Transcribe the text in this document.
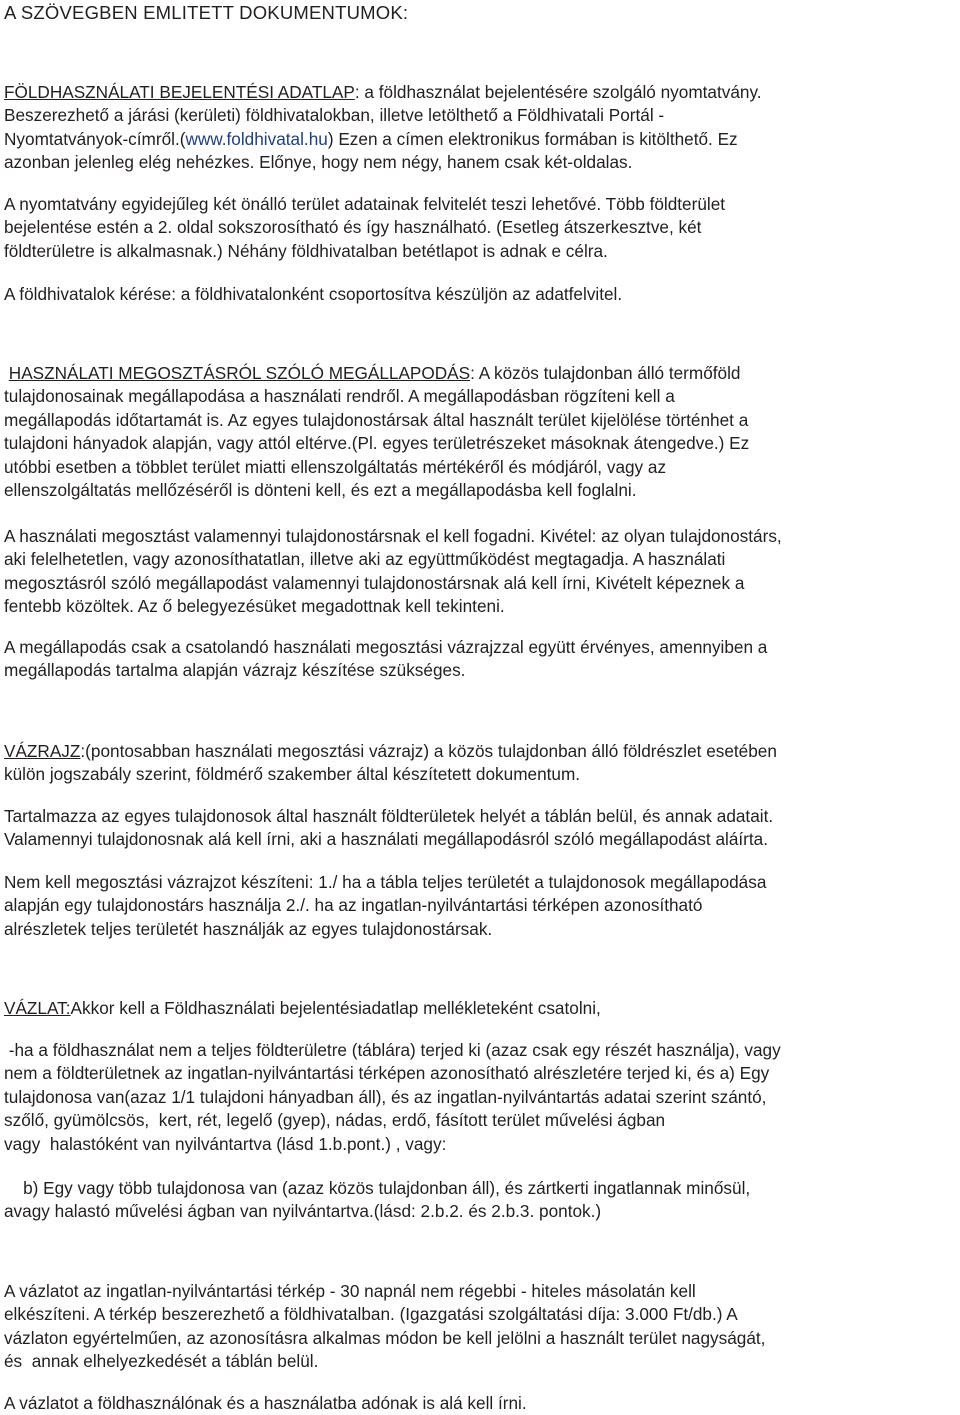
A SZÖVEGBEN EMLITETT DOKUMENTUMOK:

FÖLDHASZNÁLATI BEJELENTÉSI ADATLAP: a földhasználat bejelentésére szolgáló nyomtatvány.
Beszerezhető a járási (kerületi) földhivatalokban, illetve letölthető a Földhivatali Portál -
Nyomtatványok-címről.(www.foldhivatal.hu) Ezen a címen elektronikus formában is kitölthető. Ez
azonban jelenleg elég nehézkes. Előnye, hogy nem négy, hanem csak két-oldalas.

A nyomtatvány egyidejűleg két önálló terület adatainak felvitelét teszi lehetővé. Több földterület
bejelentése estén a 2. oldal sokszorosítható és így használható. (Esetleg átszerkesztve, két
földterületre is alkalmasnak.) Néhány földhivatalban betétlapot is adnak e célra.

A földhivatalok kérése: a földhivatalonként csoportosítva készüljön az adatfelvitel.

HASZNÁLATI MEGOSZTÁSRÓL SZÓLÓ MEGÁLLAPODÁS: A közös tulajdonban álló termőföld
tulajdonosainak megállapodása a használati rendről. A megállapodásban rögzíteni kell a
megállapodás időtartamát is. Az egyes tulajdonostársak által használt terület kijelölése történhet a
tulajdoni hányadok alapján, vagy attól eltérve.(Pl. egyes területrészeket másoknak átengedve.) Ez
utóbbi esetben a többlet terület miatti ellenszolgáltatás mértékéről és módjáról, vagy az
ellenszolgáltatás mellőzéséről is dönteni kell, és ezt a megállapodásba kell foglalni.

A használati megosztást valamennyi tulajdonostársnak el kell fogadni. Kivétel: az olyan tulajdonostárs,
aki felelhetetlen, vagy azonosíthatatlan, illetve aki az együttműködést megtagadja. A használati
megosztásról szóló megállapodást valamennyi tulajdonostársnak alá kell írni, Kivételt képeznek a
fentebb közöltek. Az ő belegyezésüket megadottnak kell tekinteni.

A megállapodás csak a csatolandó használati megosztási vázrajzzal együtt érvényes, amennyiben a
megállapodás tartalma alapján vázrajz készítése szükséges.

VÁZRAJZ:(pontosabban használati megosztási vázrajz) a közös tulajdonban álló földrészlet esetében
külön jogszabály szerint, földmérő szakember által készítetett dokumentum.

Tartalmazza az egyes tulajdonosok által használt földterületek helyét a táblán belül, és annak adatait.
Valamennyi tulajdonosnak alá kell írni, aki a használati megállapodásról szóló megállapodást aláírta.

Nem kell megosztási vázrajzot készíteni: 1./ ha a tábla teljes területét a tulajdonosok megállapodása
alapján egy tulajdonostárs használja 2./. ha az ingatlan-nyilvántartási térképen azonosítható
alrészletek teljes területét használják az egyes tulajdonostársak.

VÁZLAT:Akkor kell a Földhasználati bejelentésiadatlap mellékleteként csatolni,

-ha a földhasználat nem a teljes földterületre (táblára) terjed ki (azaz csak egy részét használja), vagy
nem a földterületnek az ingatlan-nyilvántartási térképen azonosítható alrészletére terjed ki, és a) Egy
tulajdonosa van(azaz 1/1 tulajdoni hányadban áll), és az ingatlan-nyilvántartás adatai szerint szántó,
szőlő, gyümölcsös,  kert, rét, legelő (gyep), nádas, erdő, fásított terület művelési ágban
vagy  halastóként van nyilvántartva (lásd 1.b.pont.) , vagy:

b) Egy vagy több tulajdonosa van (azaz közös tulajdonban áll), és zártkerti ingatlannak minősül,
avagy halastó művelési ágban van nyilvántartva.(lásd: 2.b.2. és 2.b.3. pontok.)

A vázlatot az ingatlan-nyilvántartási térkép - 30 napnál nem régebbi - hiteles másolatán kell
elkészíteni. A térkép beszerezhető a földhivatalban. (Igazgatási szolgáltatási díja: 3.000 Ft/db.) A
vázlaton egyértelműen, az azonosításra alkalmas módon be kell jelölni a használt terület nagyságát,
és  annak elhelyezkedését a táblán belül.

A vázlatot a földhasználónak és a használatba adónak is alá kell írni.
